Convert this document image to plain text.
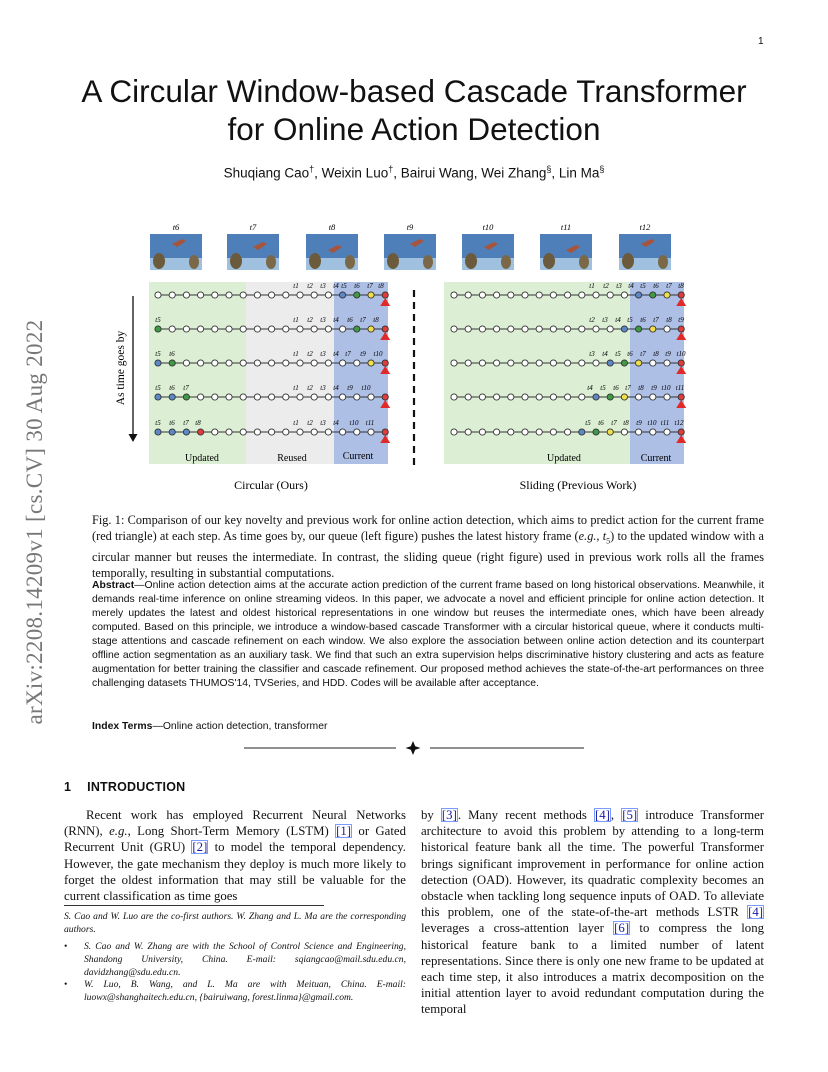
1
arXiv:2208.14209v1 [cs.CV] 30 Aug 2022
A Circular Window-based Cascade Transformer
for Online Action Detection
Shuqiang Cao†, Weixin Luo†, Bairui Wang, Wei Zhang§, Lin Ma§
t6	t7	t8	t9	t10	t11	t12
t1 t2 t3 t4 t5 t6 t7 t8	t1 t2 t3 t4 t5 t6 t7 t8
t5	t1 t2 t3 t4 t6 t7 t8	t2 t3 t4 t5 t6 t7 t8 t9
t5 t6	t1 t2 t3 t4 t7 t9 t10	t3 t4 t5 t6 t7 t8 t9 t10
t5 t6 t7	t1 t2 t3 t4 t9 t10	t4 t5 t6 t7 t8 t9 t10 t11
t5 t6 t7 t8	t1 t2 t3 t4 t10 t11	t5 t6 t7 t8 t9 t10 t11 t12
As time goes by
Updated	Reused	Current	Updated	Current
Circular (Ours)	Sliding (Previous Work)
Fig. 1: Comparison of our key novelty and previous work for online action detection, which aims to predict action for the current frame (red triangle) at each step. As time goes by, our queue (left figure) pushes the latest history frame (e.g., $t_5$) to the updated window with a circular manner but reuses the intermediate. In contrast, the sliding queue (right figure) used in previous work rolls all the frames temporally, resulting in substantial computations.
Abstract—Online action detection aims at the accurate action prediction of the current frame based on long historical observations. Meanwhile, it demands real-time inference on online streaming videos. In this paper, we advocate a novel and efficient principle for online action detection. It merely updates the latest and oldest historical representations in one window but reuses the intermediate ones, which have been already computed. Based on this principle, we introduce a window-based cascade Transformer with a circular historical queue, where it conducts multi-stage attentions and cascade refinement on each window. We also explore the association between online action detection and its counterpart offline action segmentation as an auxiliary task. We find that such an extra supervision helps discriminative history clustering and acts as feature augmentation for better training the classifier and cascade refinement. Our proposed method achieves the state-of-the-art performances on three challenging datasets THUMOS'14, TVSeries, and HDD. Codes will be available after acceptance.
Index Terms—Online action detection, transformer
1 INTRODUCTION
Recent work has employed Recurrent Neural Networks (RNN), e.g., Long Short-Term Memory (LSTM) [1] or Gated Recurrent Unit (GRU) [2] to model the temporal dependency. However, the gate mechanism they deploy is much more likely to forget the oldest information that may still be valuable for the current classification as time goes
S. Cao and W. Luo are the co-first authors. W. Zhang and L. Ma are the corresponding authors.
•	S. Cao and W. Zhang are with the School of Control Science and Engineering, Shandong University, China. E-mail: sqiangcao@mail.sdu.edu.cn, davidzhang@sdu.edu.cn.
•	W. Luo, B. Wang, and L. Ma are with Meituan, China. E-mail: luowx@shanghaitech.edu.cn, {bairuiwang, forest.linma}@gmail.com.
by [3]. Many recent methods [4], [5] introduce Transformer architecture to avoid this problem by attending to a long-term historical feature bank all the time. The powerful Transformer brings significant improvement in performance for online action detection (OAD). However, its quadratic complexity becomes an obstacle when tackling long sequence inputs of OAD. To alleviate this problem, one of the state-of-the-art methods LSTR [4] leverages a cross-attention layer [6] to compress the long historical feature bank to a limited number of latent representations. Since there is only one new frame to be updated at each time step, it also introduces a matrix decomposition on the initial attention layer to avoid redundant computation during the temporal
